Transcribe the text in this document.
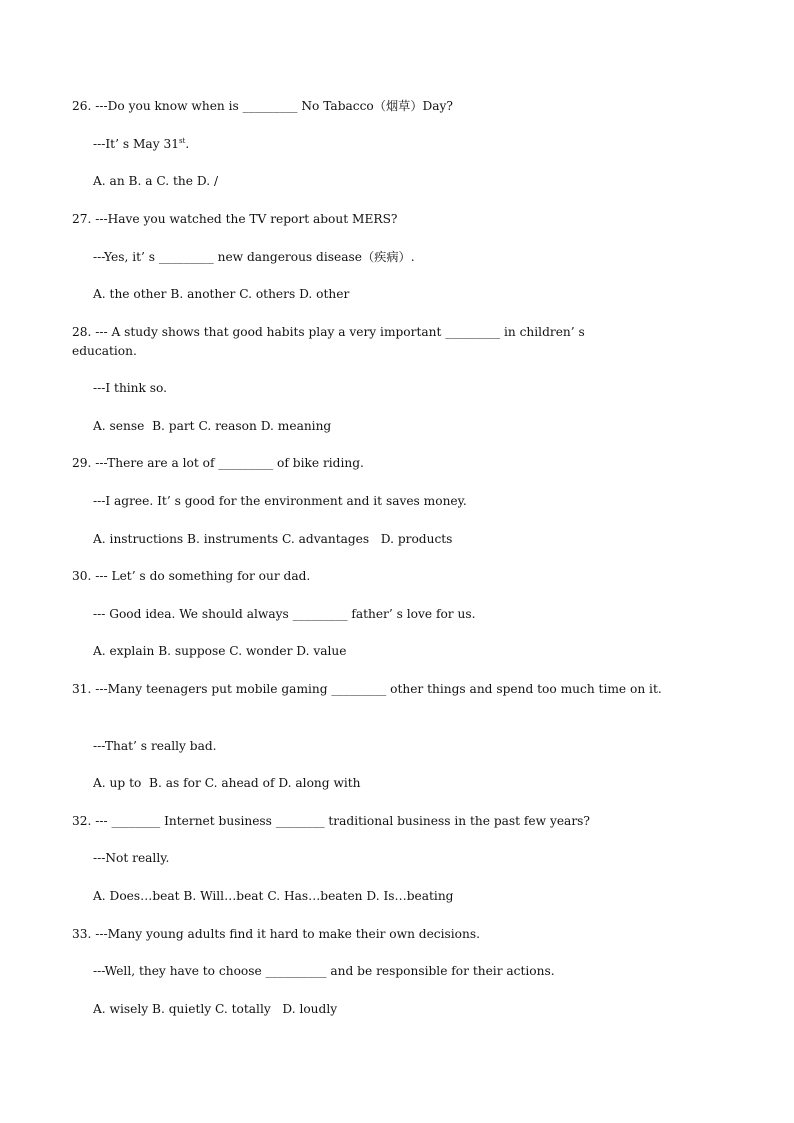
26. ---Do you know when is _________ No Tabacco（烟草）Day?
---It’ s May 31st.
A. an B. a C. the D. /
27. ---Have you watched the TV report about MERS?
---Yes, it’ s _________ new dangerous disease（疾病）.
A. the other B. another C. others D. other
28. --- A study shows that good habits play a very important _________ in children’ s
education.
---I think so.
A. sense  B. part C. reason D. meaning
29. ---There are a lot of _________ of bike riding.
---I agree. It’ s good for the environment and it saves money.
A. instructions B. instruments C. advantages   D. products
30. --- Let’ s do something for our dad.
--- Good idea. We should always _________ father’ s love for us.
A. explain B. suppose C. wonder D. value
31. ---Many teenagers put mobile gaming _________ other things and spend too much time on it.
---That’ s really bad.
A. up to  B. as for C. ahead of D. along with
32. --- ________ Internet business ________ traditional business in the past few years?
---Not really.
A. Does…beat B. Will…beat C. Has…beaten D. Is…beating
33. ---Many young adults find it hard to make their own decisions.
---Well, they have to choose __________ and be responsible for their actions.
A. wisely B. quietly C. totally   D. loudly
